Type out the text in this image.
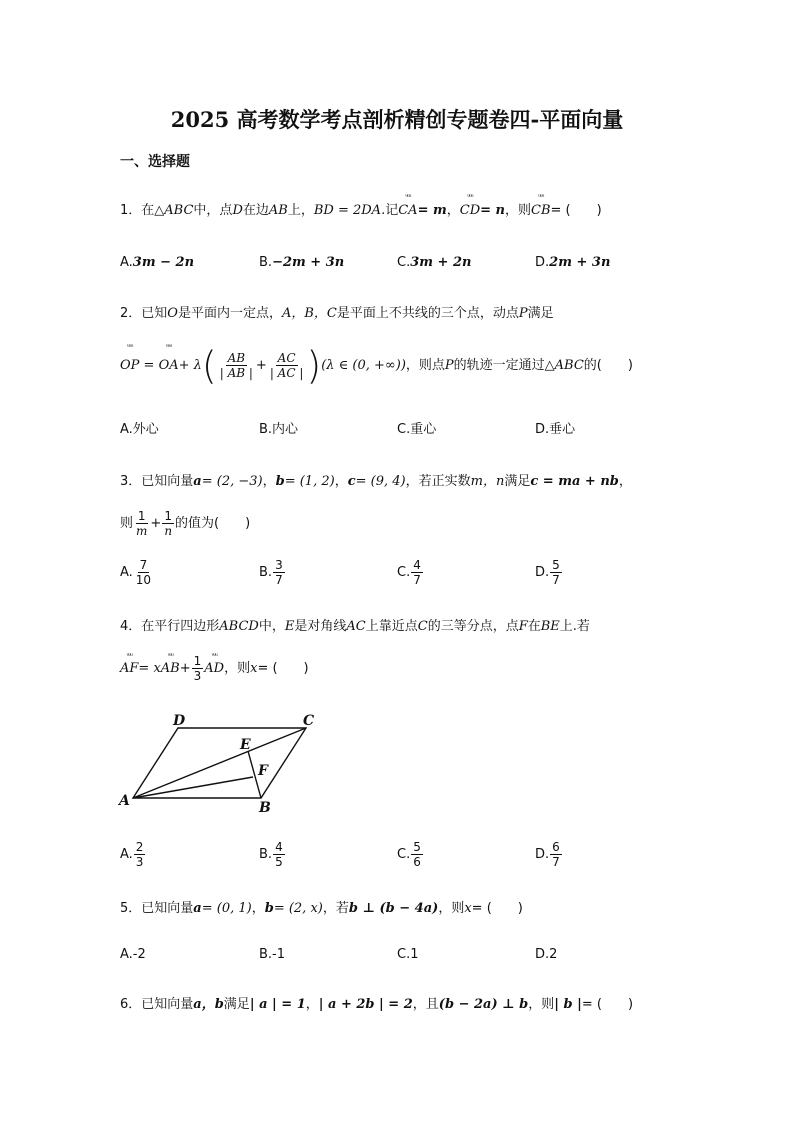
2025 高考数学考点剖析精创专题卷四-平面向量
一、选择题
1．在△ABC中，点D在边AB上，BD = 2DA.记
ᵘᵘᵘ
CA= m，
ᵘᵘᵘ
CD= n，则
ᵘᵘᵘ
CB= (　　)
A.3m − 2n	B.−2m + 3n	C.3m + 2n	D.2m + 3n
2．已知O是平面内一定点，A，B，C是平面上不共线的三个点，动点P满足
ᵘᵘᵘ
OP =
ᵘᵘᵘ
$OA+ \lambda( \frac{AB}{| AB |} + \frac{AC}{| AC |} )(\lambda$ ∈ (0, +∞))，则点P的轨迹一定通过△ABC的(　　)
A.外心	B.内心	C.重心	D.垂心
3．已知向量a= (2, −3)，b= (1, 2)，c= (9, 4)，若正实数m，n满足c = ma + nb，
则 $\frac{1}{m} + \frac{1}{n}$ 的值为(　　)
A. $\frac{7}{10}$	B. $\frac{3}{7}$	C. $\frac{4}{7}$	D. $\frac{5}{7}$
4．在平行四边形ABCD中，E是对角线AC上靠近点C的三等分点，点F在BE上.若
ᵘᵘᵘ
AF= x
ᵘᵘᵘ
$AB+ \frac{1}{3}$	ᵘᵘᵘ
AD，则x= (　　)
A	B
C
D
E
F
A. $\frac{2}{3}$	B. $\frac{4}{5}$	C. $\frac{5}{6}$	D. $\frac{6}{7}$
5．已知向量a= (0, 1)，b= (2, x)，若b ⊥ (b − 4a)，则x= (　　)
A.-2	B.-1	C.1	D.2
6．已知向量a，b满足| a | = 1，| a + 2b | = 2，且(b − 2a) ⊥ b，则| b |= (　　)
